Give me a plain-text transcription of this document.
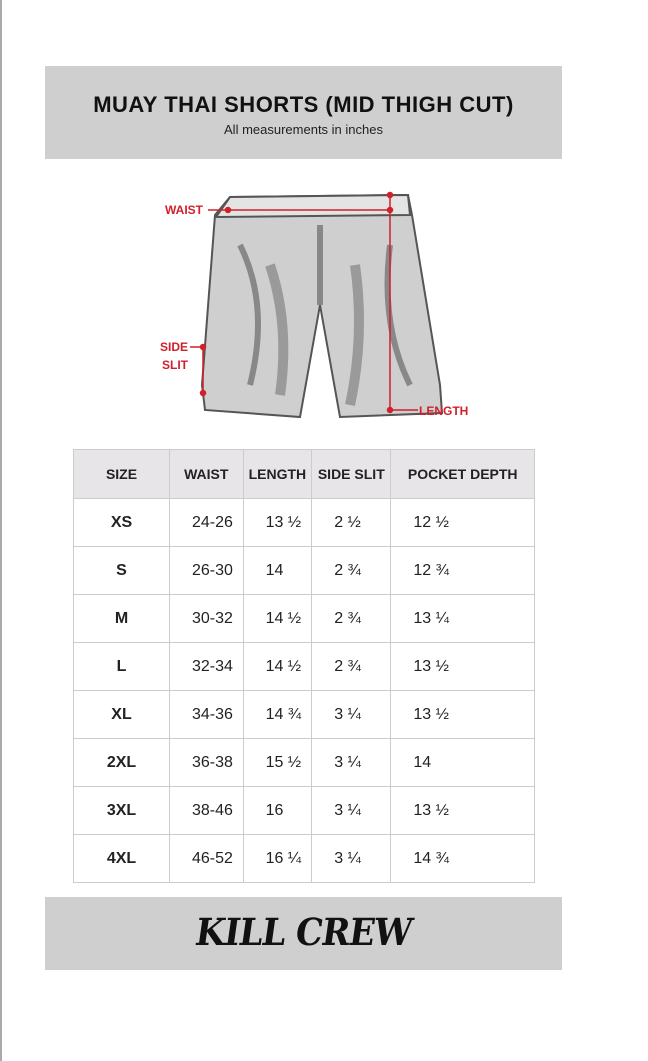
MUAY THAI SHORTS (MID THIGH CUT)
All measurements in inches
WAIST
SIDE
SLIT
LENGTH
SIZE	WAIST	LENGTH	SIDE SLIT	POCKET DEPTH
XS	24-26	13 ½	2 ½	12 ½
S	26-30	14	2 ¾	12 ¾
M	30-32	14 ½	2 ¾	13 ¼
L	32-34	14 ½	2 ¾	13 ½
XL	34-36	14 ¾	3 ¼	13 ½
2XL	36-38	15 ½	3 ¼	14
3XL	38-46	16	3 ¼	13 ½
4XL	46-52	16 ¼	3 ¼	14 ¾
KILL CREW
